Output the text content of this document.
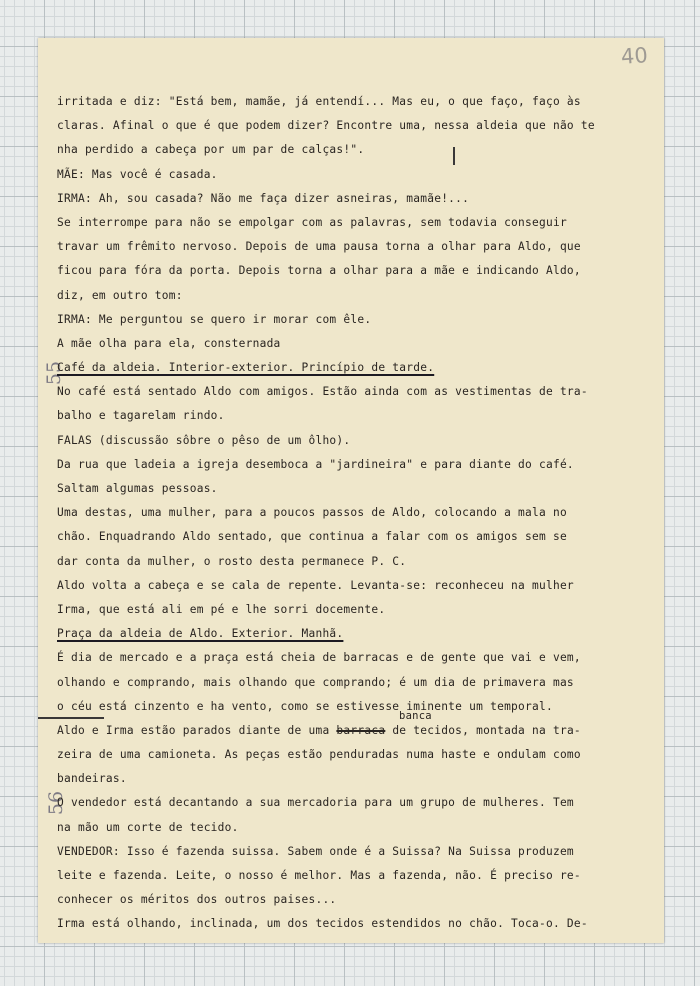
40
55
56
irritada e diz: "Está bem, mamãe, já entendí... Mas eu, o que faço, faço às
claras. Afinal o que é que podem dizer? Encontre uma, nessa aldeia que não te
nha perdido a cabeça por um par de calças!".
MÃE: Mas você é casada.
IRMA: Ah, sou casada? Não me faça dizer asneiras, mamãe!...
Se interrompe para não se empolgar com as palavras, sem todavia conseguir
travar um frêmito nervoso. Depois de uma pausa torna a olhar para Aldo, que
ficou para fóra da porta. Depois torna a olhar para a mãe e indicando Aldo,
diz, em outro tom:
IRMA: Me perguntou se quero ir morar com êle.
A mãe olha para ela, consternada
Café da aldeia. Interior-exterior. Princípio de tarde.
No café está sentado Aldo com amigos. Estão ainda com as vestimentas de tra-
balho e tagarelam rindo.
FALAS (discussão sôbre o pêso de um ôlho).
Da rua que ladeia a igreja desemboca a "jardineira" e para diante do café.
Saltam algumas pessoas.
Uma destas, uma mulher, para a poucos passos de Aldo, colocando a mala no
chão. Enquadrando Aldo sentado, que continua a falar com os amigos sem se
dar conta da mulher, o rosto desta permanece P. C.
Aldo volta a cabeça e se cala de repente. Levanta-se: reconheceu na mulher
Irma, que está ali em pé e lhe sorri docemente.
Praça da aldeia de Aldo. Exterior. Manhã.
É dia de mercado e a praça está cheia de barracas e de gente que vai e vem,
olhando e comprando, mais olhando que comprando; é um dia de primavera mas
o céu está cinzento e ha vento, como se estivesse iminente um temporal.
Aldo e Irma estão parados diante de uma barraca de tecidos, montada na tra-
banca
zeira de uma camioneta. As peças estão penduradas numa haste e ondulam como
bandeiras.
O vendedor está decantando a sua mercadoria para um grupo de mulheres. Tem
na mão um corte de tecido.
VENDEDOR: Isso é fazenda suissa. Sabem onde é a Suissa? Na Suissa produzem
leite e fazenda. Leite, o nosso é melhor. Mas a fazenda, não. É preciso re-
conhecer os méritos dos outros paises...
Irma está olhando, inclinada, um dos tecidos estendidos no chão. Toca-o. De-
